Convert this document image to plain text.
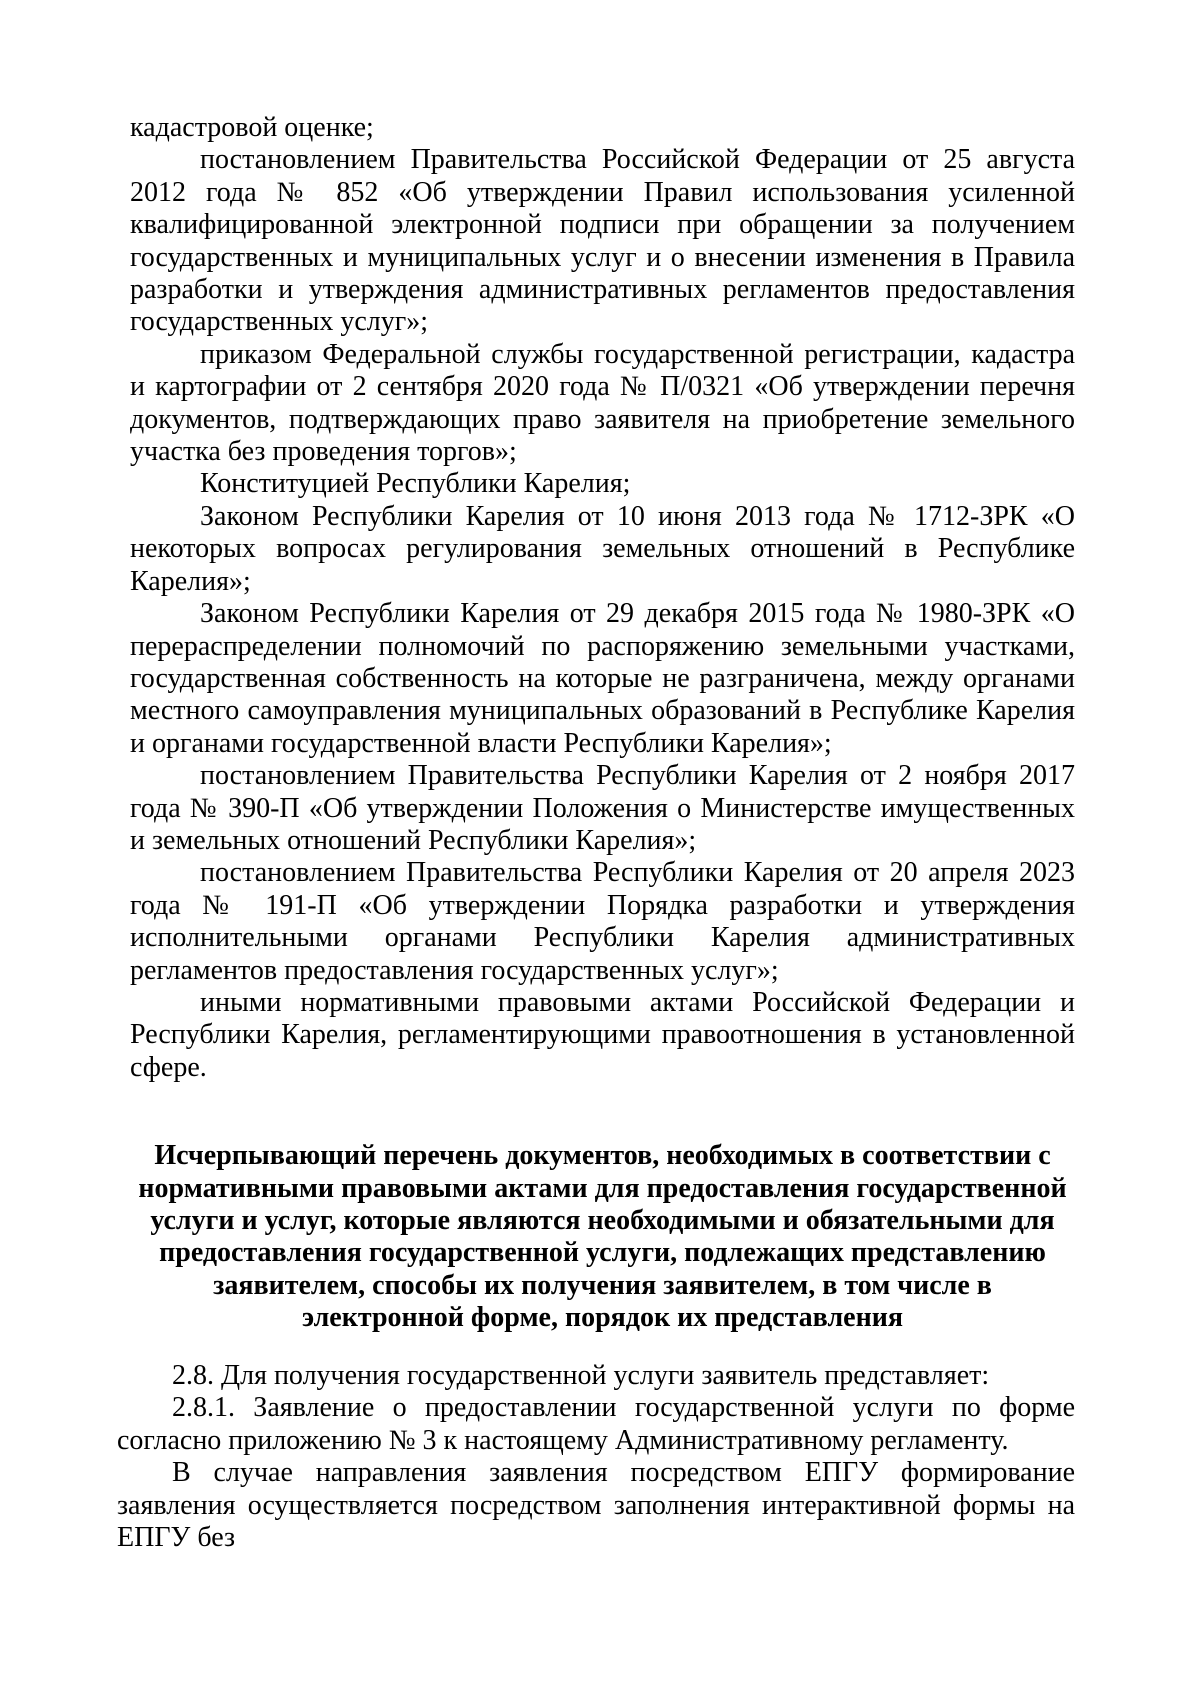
кадастровой оценке;

постановлением Правительства Российской Федерации от 25 августа 2012 года № 852 «Об утверждении Правил использования усиленной квалифицированной электронной подписи при обращении за получением государственных и муниципальных услуг и о внесении изменения в Правила разработки и утверждения административных регламентов предоставления государственных услуг»;

приказом Федеральной службы государственной регистрации, кадастра и картографии от 2 сентября 2020 года № П/0321 «Об утверждении перечня документов, подтверждающих право заявителя на приобретение земельного участка без проведения торгов»;

Конституцией Республики Карелия;

Законом Республики Карелия от 10 июня 2013 года № 1712-ЗРК «О некоторых вопросах регулирования земельных отношений в Республике Карелия»;

Законом Республики Карелия от 29 декабря 2015 года № 1980-ЗРК «О перераспределении полномочий по распоряжению земельными участками, государственная собственность на которые не разграничена, между органами местного самоуправления муниципальных образований в Республике Карелия и органами государственной власти Республики Карелия»;

постановлением Правительства Республики Карелия от 2 ноября 2017 года № 390-П «Об утверждении Положения о Министерстве имущественных и земельных отношений Республики Карелия»;

постановлением Правительства Республики Карелия от 20 апреля 2023 года № 191-П «Об утверждении Порядка разработки и утверждения исполнительными органами Республики Карелия административных регламентов предоставления государственных услуг»;

иными нормативными правовыми актами Российской Федерации и Республики Карелия, регламентирующими правоотношения в установленной сфере.

Исчерпывающий перечень документов, необходимых в соответствии с нормативными правовыми актами для предоставления государственной услуги и услуг, которые являются необходимыми и обязательными для предоставления государственной услуги, подлежащих представлению заявителем, способы их получения заявителем, в том числе в электронной форме, порядок их представления

2.8. Для получения государственной услуги заявитель представляет:

2.8.1. Заявление о предоставлении государственной услуги по форме согласно приложению № 3 к настоящему Административному регламенту.

В случае направления заявления посредством ЕПГУ формирование заявления осуществляется посредством заполнения интерактивной формы на ЕПГУ без
